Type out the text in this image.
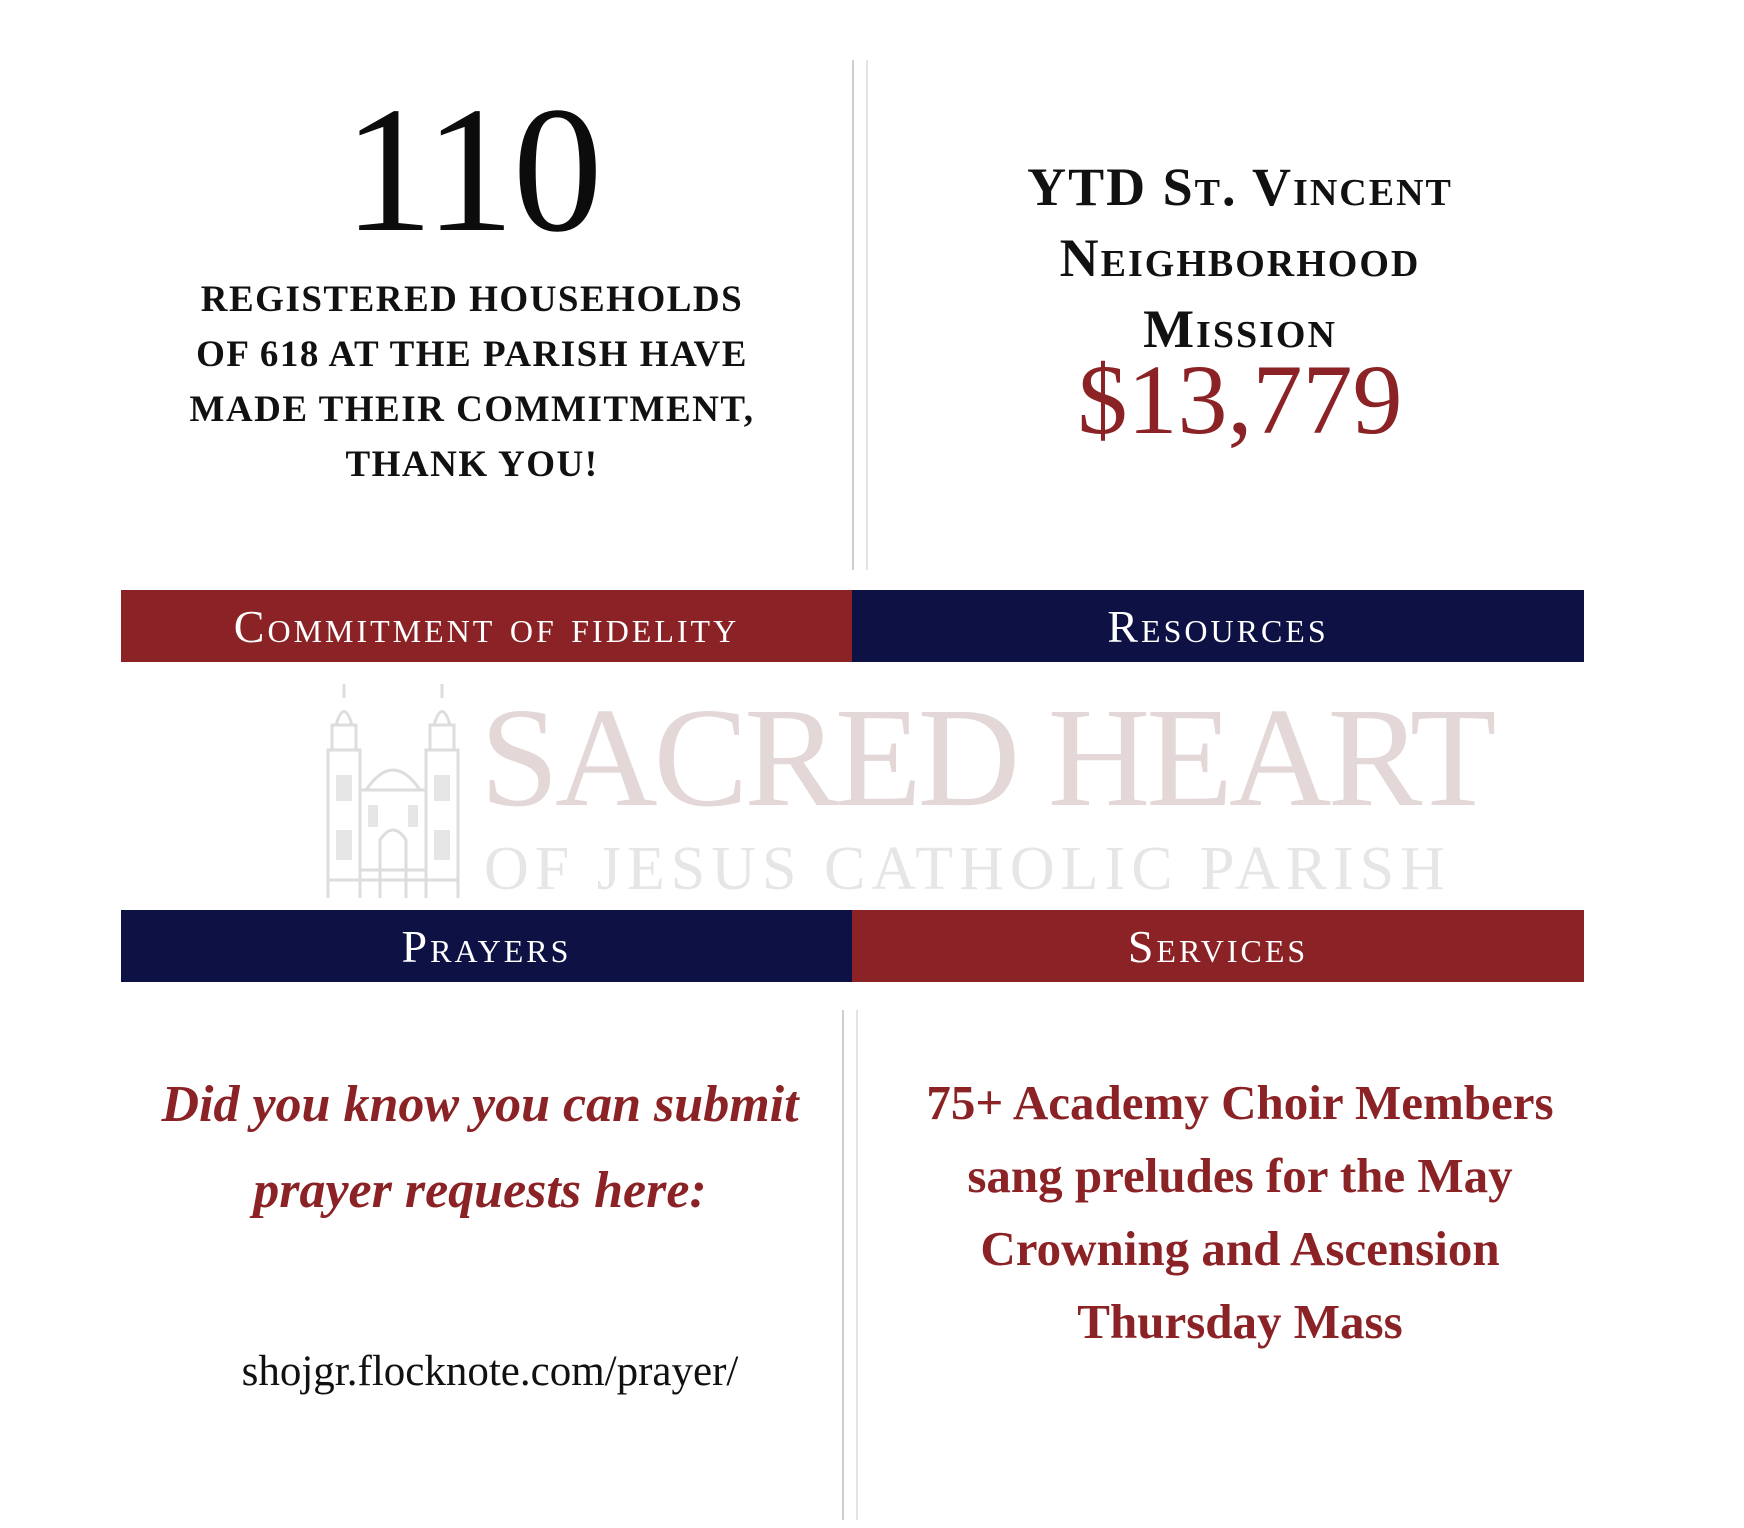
110
REGISTERED HOUSEHOLDS OF 618 AT THE PARISH HAVE MADE THEIR COMMITMENT, THANK YOU!
YTD St. Vincent
Neighborhood
Mission
$13,779
Commitment of fidelity	Resources
SACRED HEART
OF JESUS CATHOLIC PARISH
Prayers	Services
Did you know you can submit prayer requests here:
shojgr.flocknote.com/prayer/
75+ Academy Choir Members sang preludes for the May Crowning and Ascension Thursday Mass
